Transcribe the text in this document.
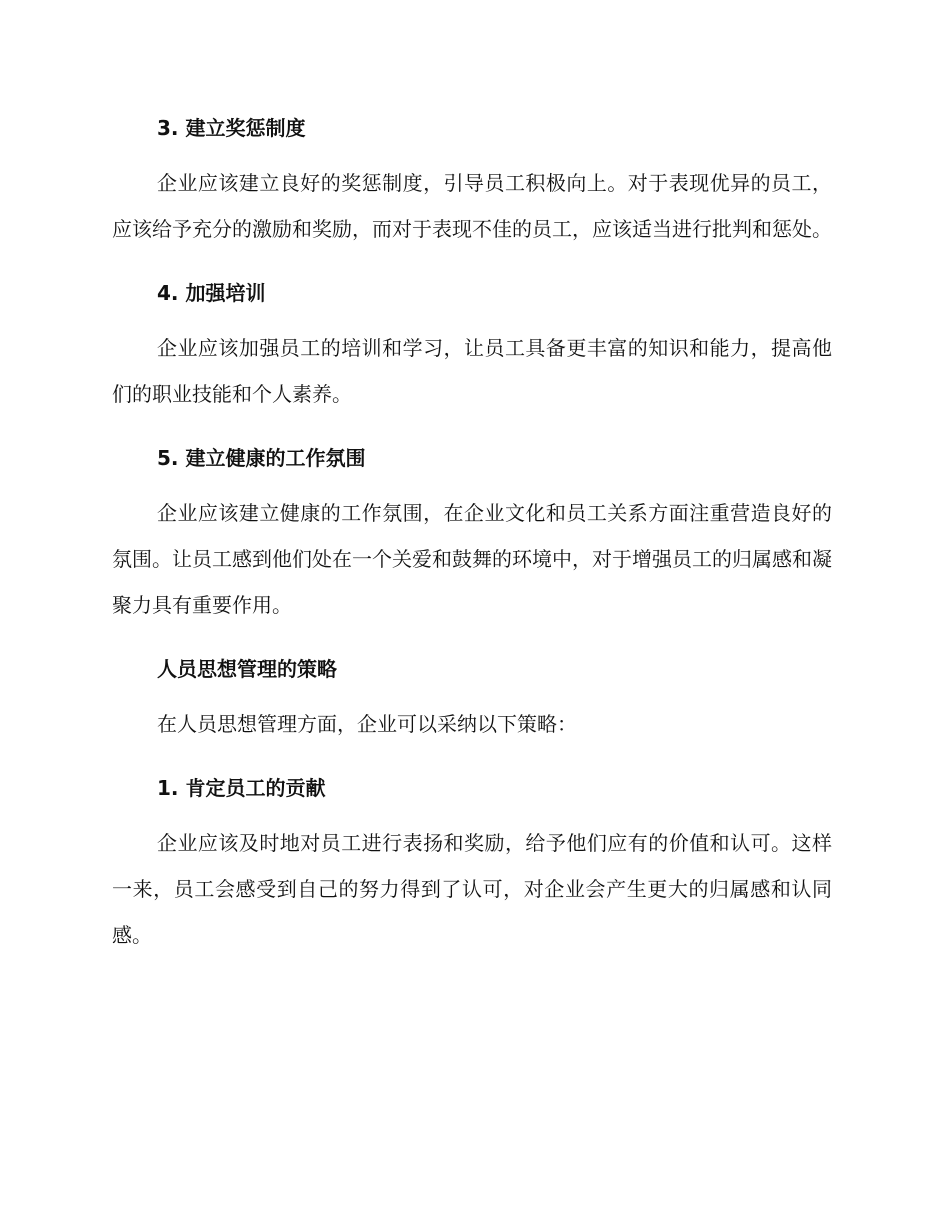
3. 建立奖惩制度

企业应该建立良好的奖惩制度，引导员工积极向上。对于表现优异的员工，应该给予充分的激励和奖励，而对于表现不佳的员工，应该适当进行批判和惩处。

4. 加强培训

企业应该加强员工的培训和学习，让员工具备更丰富的知识和能力，提高他们的职业技能和个人素养。

5. 建立健康的工作氛围

企业应该建立健康的工作氛围，在企业文化和员工关系方面注重营造良好的氛围。让员工感到他们处在一个关爱和鼓舞的环境中，对于增强员工的归属感和凝聚力具有重要作用。

人员思想管理的策略

在人员思想管理方面，企业可以采纳以下策略：

1. 肯定员工的贡献

企业应该及时地对员工进行表扬和奖励，给予他们应有的价值和认可。这样一来，员工会感受到自己的努力得到了认可，对企业会产生更大的归属感和认同感。
